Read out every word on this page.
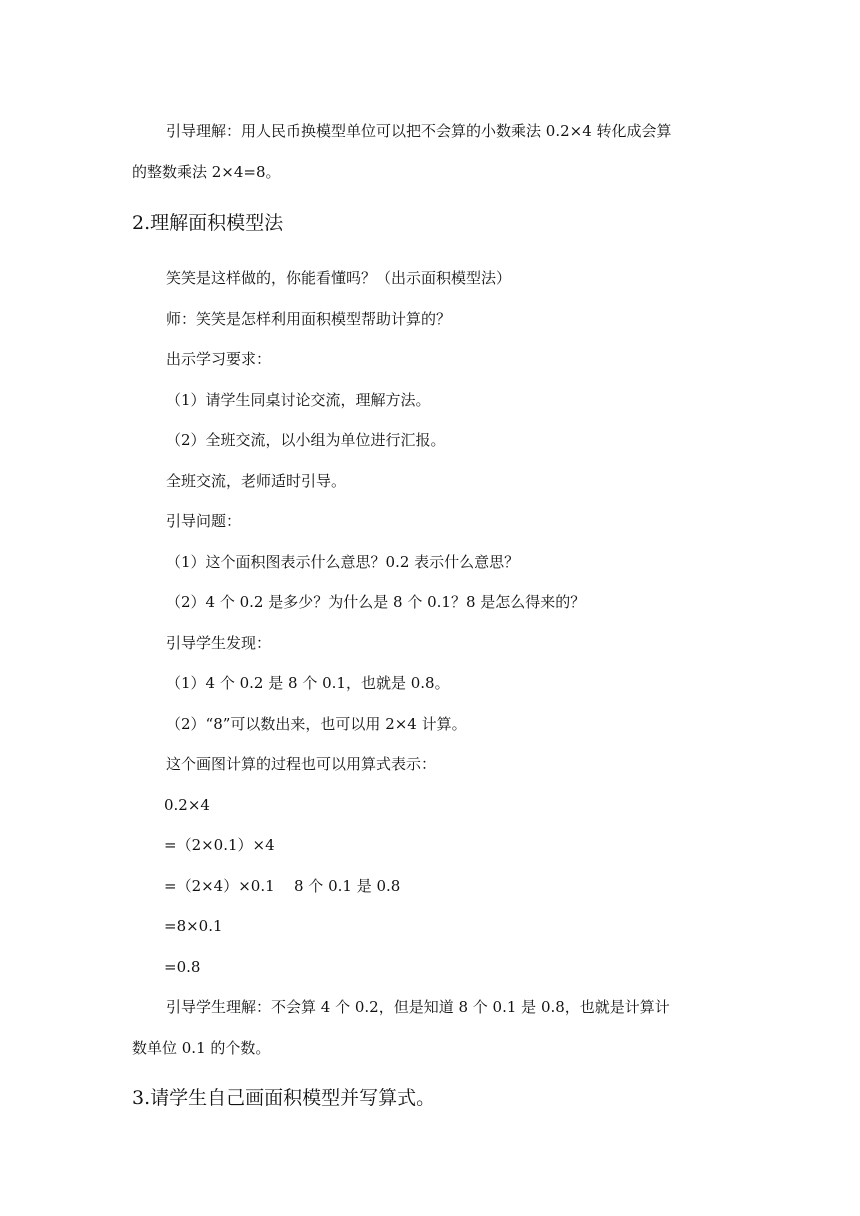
引导理解：用人民币换模型单位可以把不会算的小数乘法 0.2×4 转化成会算
的整数乘法 2×4=8。
2.理解面积模型法
笑笑是这样做的，你能看懂吗？（出示面积模型法）
师：笑笑是怎样利用面积模型帮助计算的？
出示学习要求：
（1）请学生同桌讨论交流，理解方法。
（2）全班交流，以小组为单位进行汇报。
全班交流，老师适时引导。
引导问题：
（1）这个面积图表示什么意思？0.2 表示什么意思？
（2）4 个 0.2 是多少？为什么是 8 个 0.1？8 是怎么得来的？
引导学生发现：
（1）4 个 0.2 是 8 个 0.1，也就是 0.8。
（2）“8”可以数出来，也可以用 2×4 计算。
这个画图计算的过程也可以用算式表示：
0.2×4
=（2×0.1）×4
=（2×4）×0.1 8 个 0.1 是 0.8
=8×0.1
=0.8
引导学生理解：不会算 4 个 0.2，但是知道 8 个 0.1 是 0.8，也就是计算计
数单位 0.1 的个数。
3.请学生自己画面积模型并写算式。
